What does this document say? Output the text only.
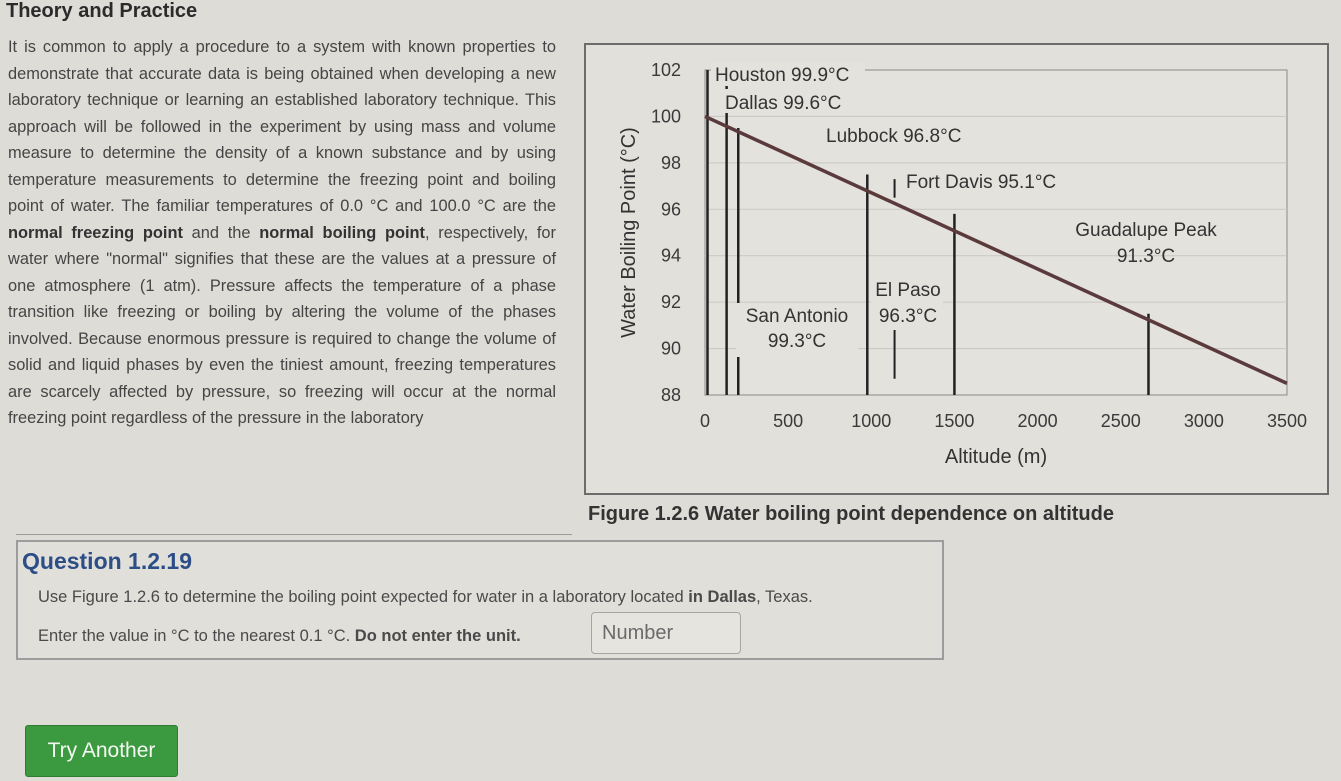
Theory and Practice

It is common to apply a procedure to a system with known properties to demonstrate that accurate data is being obtained when developing a new laboratory technique or learning an established laboratory technique. This approach will be followed in the experiment by using mass and volume measure to determine the density of a known substance and by using temperature measurements to determine the freezing point and boiling point of water. The familiar temperatures of 0.0 °C and 100.0 °C are the normal freezing point and the normal boiling point, respectively, for water where "normal" signifies that these are the values at a pressure of one atmosphere (1 atm). Pressure affects the temperature of a phase transition like freezing or boiling by altering the volume of the phases involved. Because enormous pressure is required to change the volume of solid and liquid phases by even the tiniest amount, freezing temperatures are scarcely affected by pressure, so freezing will occur at the normal freezing point regardless of the pressure in the laboratory

88
90
92
94
96
98
100
102
0	500	1000 1500 2000 2500 3000 3500
Altitude (m)
Water Boiling Point (°C)
Houston 99.9°C
Dallas 99.6°C
Lubbock 96.8°C
Fort Davis 95.1°C
Guadalupe Peak
91.3°C
El Paso
96.3°C
San Antonio
99.3°C

Figure 1.2.6 Water boiling point dependence on altitude

Question 1.2.19

Use Figure 1.2.6 to determine the boiling point expected for water in a laboratory located in Dallas, Texas.

Enter the value in °C to the nearest 0.1 °C. Do not enter the unit.

Number
Try Another
